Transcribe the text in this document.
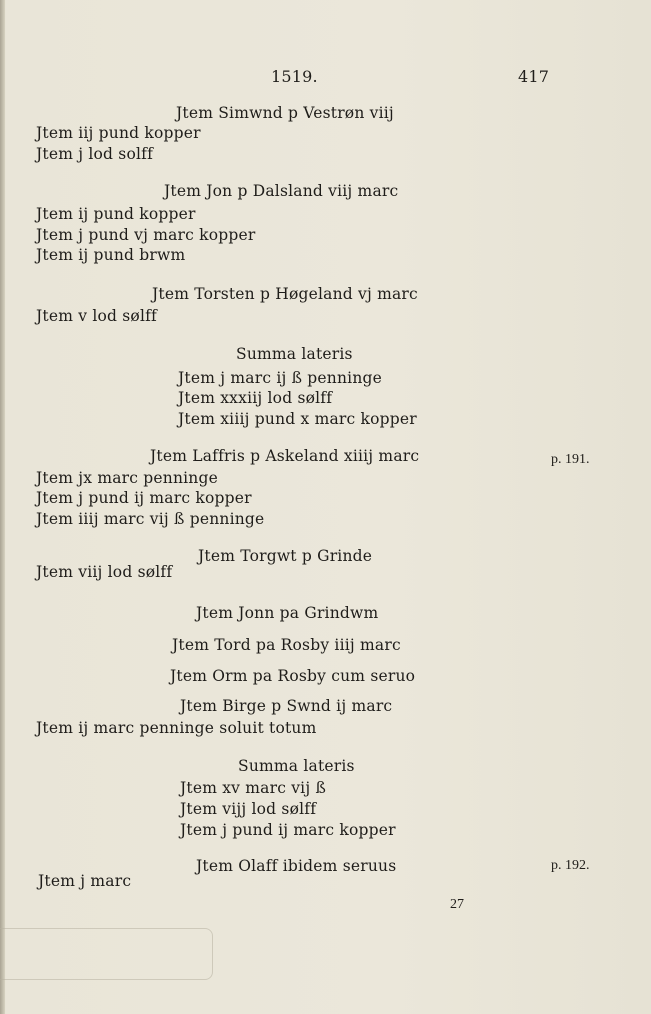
1519.	417
Jtem Simwnd p Vestrøn viij
Jtem iij pund kopper
Jtem j lod solff
Jtem Jon p Dalsland viij marc
Jtem ij pund kopper
Jtem j pund vj marc kopper
Jtem ij pund brwm
Jtem Torsten p Høgeland vj marc
Jtem v lod sølff
Summa lateris
Jtem j marc ij ß penninge
Jtem xxxiij lod sølff
Jtem xiiij pund x marc kopper
Jtem Laffris p Askeland xiiij marc	p. 191.
Jtem jx marc penninge
Jtem j pund ij marc kopper
Jtem iiij marc vij ß penninge
Jtem Torgwt p Grinde
Jtem viij lod sølff
Jtem Jonn pa Grindwm
Jtem Tord pa Rosby iiij marc
Jtem Orm pa Rosby cum seruo
Jtem Birge p Swnd ij marc
Jtem ij marc penninge soluit totum
Summa lateris
Jtem xv marc vij ß
Jtem vijj lod sølff
Jtem j pund ij marc kopper
Jtem Olaff ibidem seruus	p. 192.
Jtem j marc
27
